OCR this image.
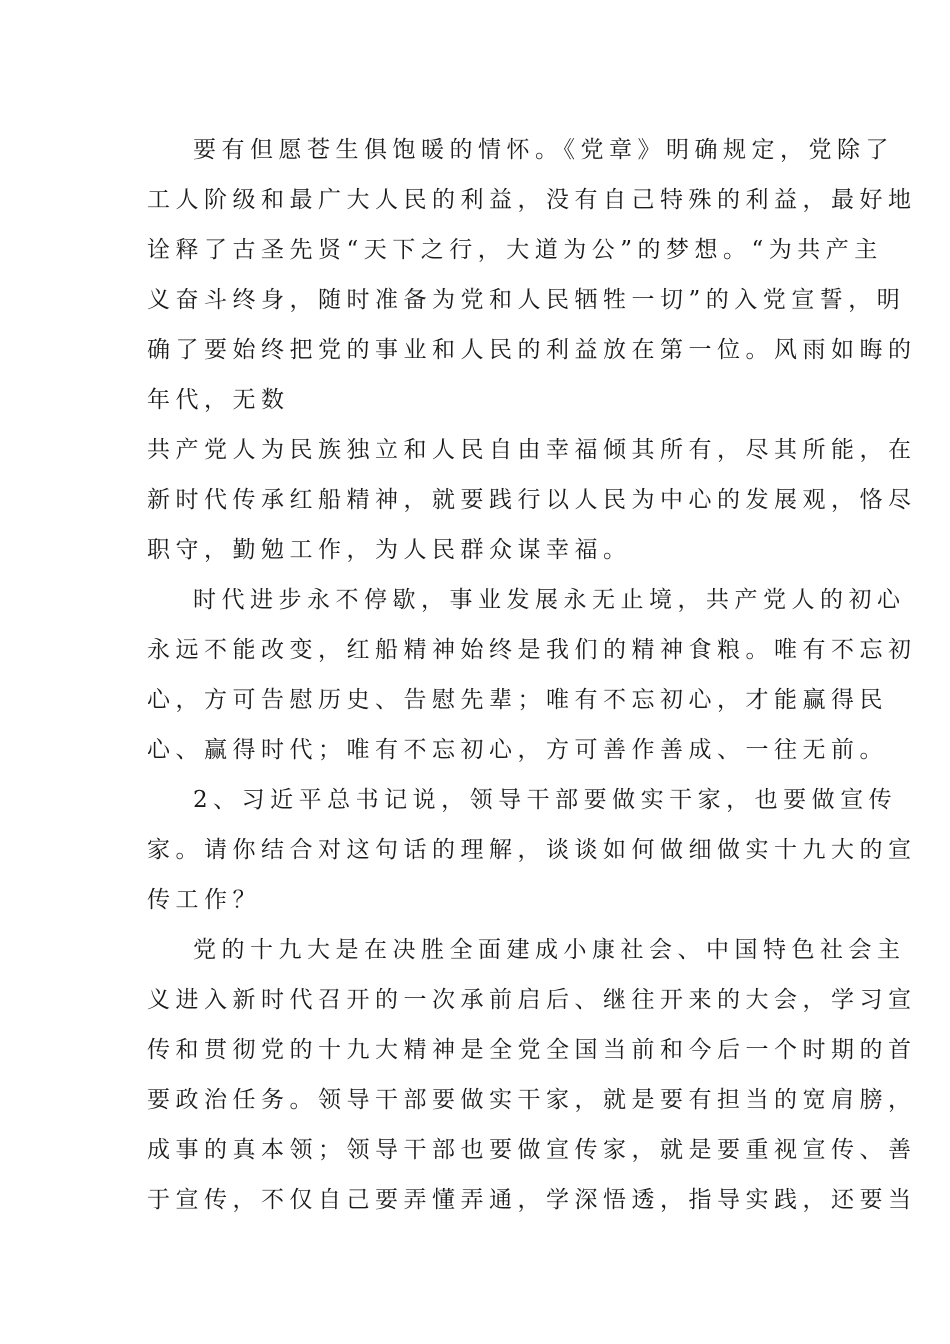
要有但愿苍生俱饱暖的情怀。《党章》明确规定，党除了
工人阶级和最广大人民的利益，没有自己特殊的利益，最好地
诠释了古圣先贤“天下之行，大道为公”的梦想。“为共产主
义奋斗终身，随时准备为党和人民牺牲一切”的入党宣誓，明
确了要始终把党的事业和人民的利益放在第一位。风雨如晦的
年代，无数
共产党人为民族独立和人民自由幸福倾其所有，尽其所能，在
新时代传承红船精神，就要践行以人民为中心的发展观，恪尽
职守，勤勉工作，为人民群众谋幸福。
时代进步永不停歇，事业发展永无止境，共产党人的初心
永远不能改变，红船精神始终是我们的精神食粮。唯有不忘初
心，方可告慰历史、告慰先辈；唯有不忘初心，才能赢得民
心、赢得时代；唯有不忘初心，方可善作善成、一往无前。
2、习近平总书记说，领导干部要做实干家，也要做宣传
家。请你结合对这句话的理解，谈谈如何做细做实十九大的宣
传工作？
党的十九大是在决胜全面建成小康社会、中国特色社会主
义进入新时代召开的一次承前启后、继往开来的大会，学习宣
传和贯彻党的十九大精神是全党全国当前和今后一个时期的首
要政治任务。领导干部要做实干家，就是要有担当的宽肩膀，
成事的真本领；领导干部也要做宣传家，就是要重视宣传、善
于宣传，不仅自己要弄懂弄通，学深悟透，指导实践，还要当
